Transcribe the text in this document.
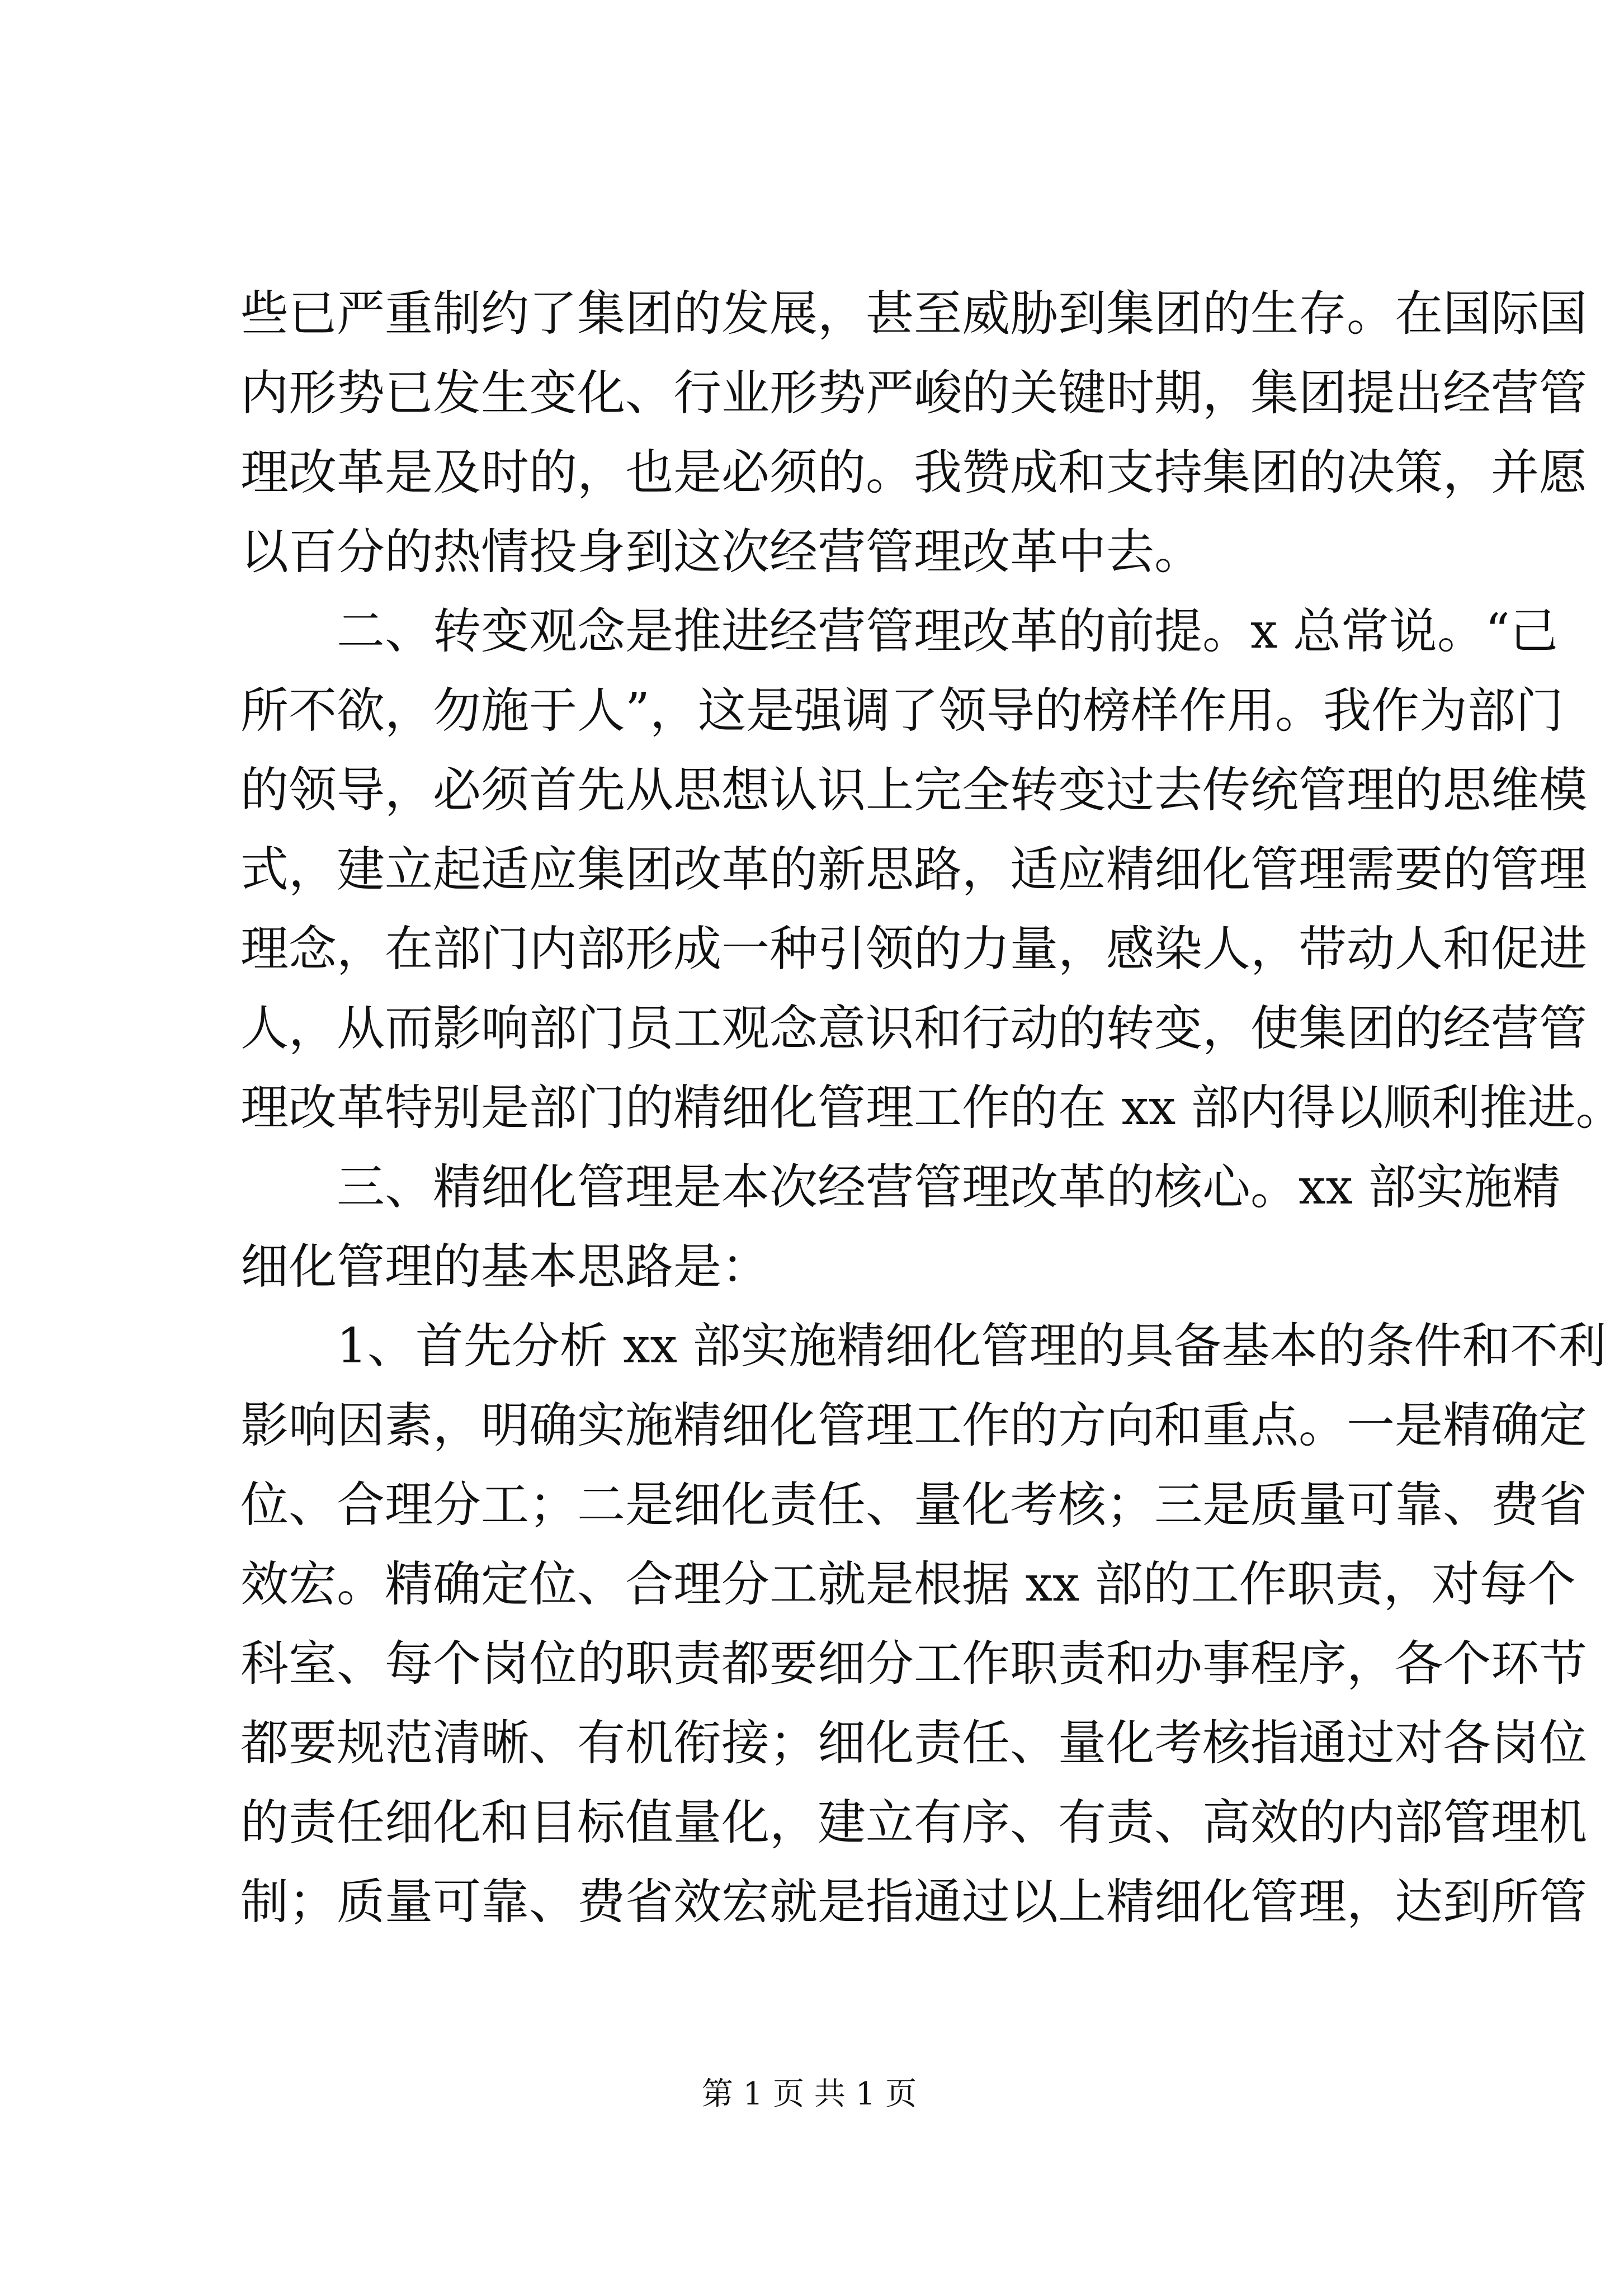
些已严重制约了集团的发展，甚至威胁到集团的生存。在国际国
内形势已发生变化、行业形势严峻的关键时期，集团提出经营管
理改革是及时的，也是必须的。我赞成和支持集团的决策，并愿
以百分的热情投身到这次经营管理改革中去。
　　二、转变观念是推进经营管理改革的前提。x 总常说。“己
所不欲，勿施于人”，这是强调了领导的榜样作用。我作为部门
的领导，必须首先从思想认识上完全转变过去传统管理的思维模
式，建立起适应集团改革的新思路，适应精细化管理需要的管理
理念，在部门内部形成一种引领的力量，感染人，带动人和促进
人，从而影响部门员工观念意识和行动的转变，使集团的经营管
理改革特别是部门的精细化管理工作的在 xx 部内得以顺利推进。
　　三、精细化管理是本次经营管理改革的核心。xx 部实施精
细化管理的基本思路是：
　　1、首先分析 xx 部实施精细化管理的具备基本的条件和不利
影响因素，明确实施精细化管理工作的方向和重点。一是精确定
位、合理分工；二是细化责任、量化考核；三是质量可靠、费省
效宏。精确定位、合理分工就是根据 xx 部的工作职责，对每个
科室、每个岗位的职责都要细分工作职责和办事程序，各个环节
都要规范清晰、有机衔接；细化责任、量化考核指通过对各岗位
的责任细化和目标值量化，建立有序、有责、高效的内部管理机
制；质量可靠、费省效宏就是指通过以上精细化管理，达到所管
第 1 页 共 1 页
